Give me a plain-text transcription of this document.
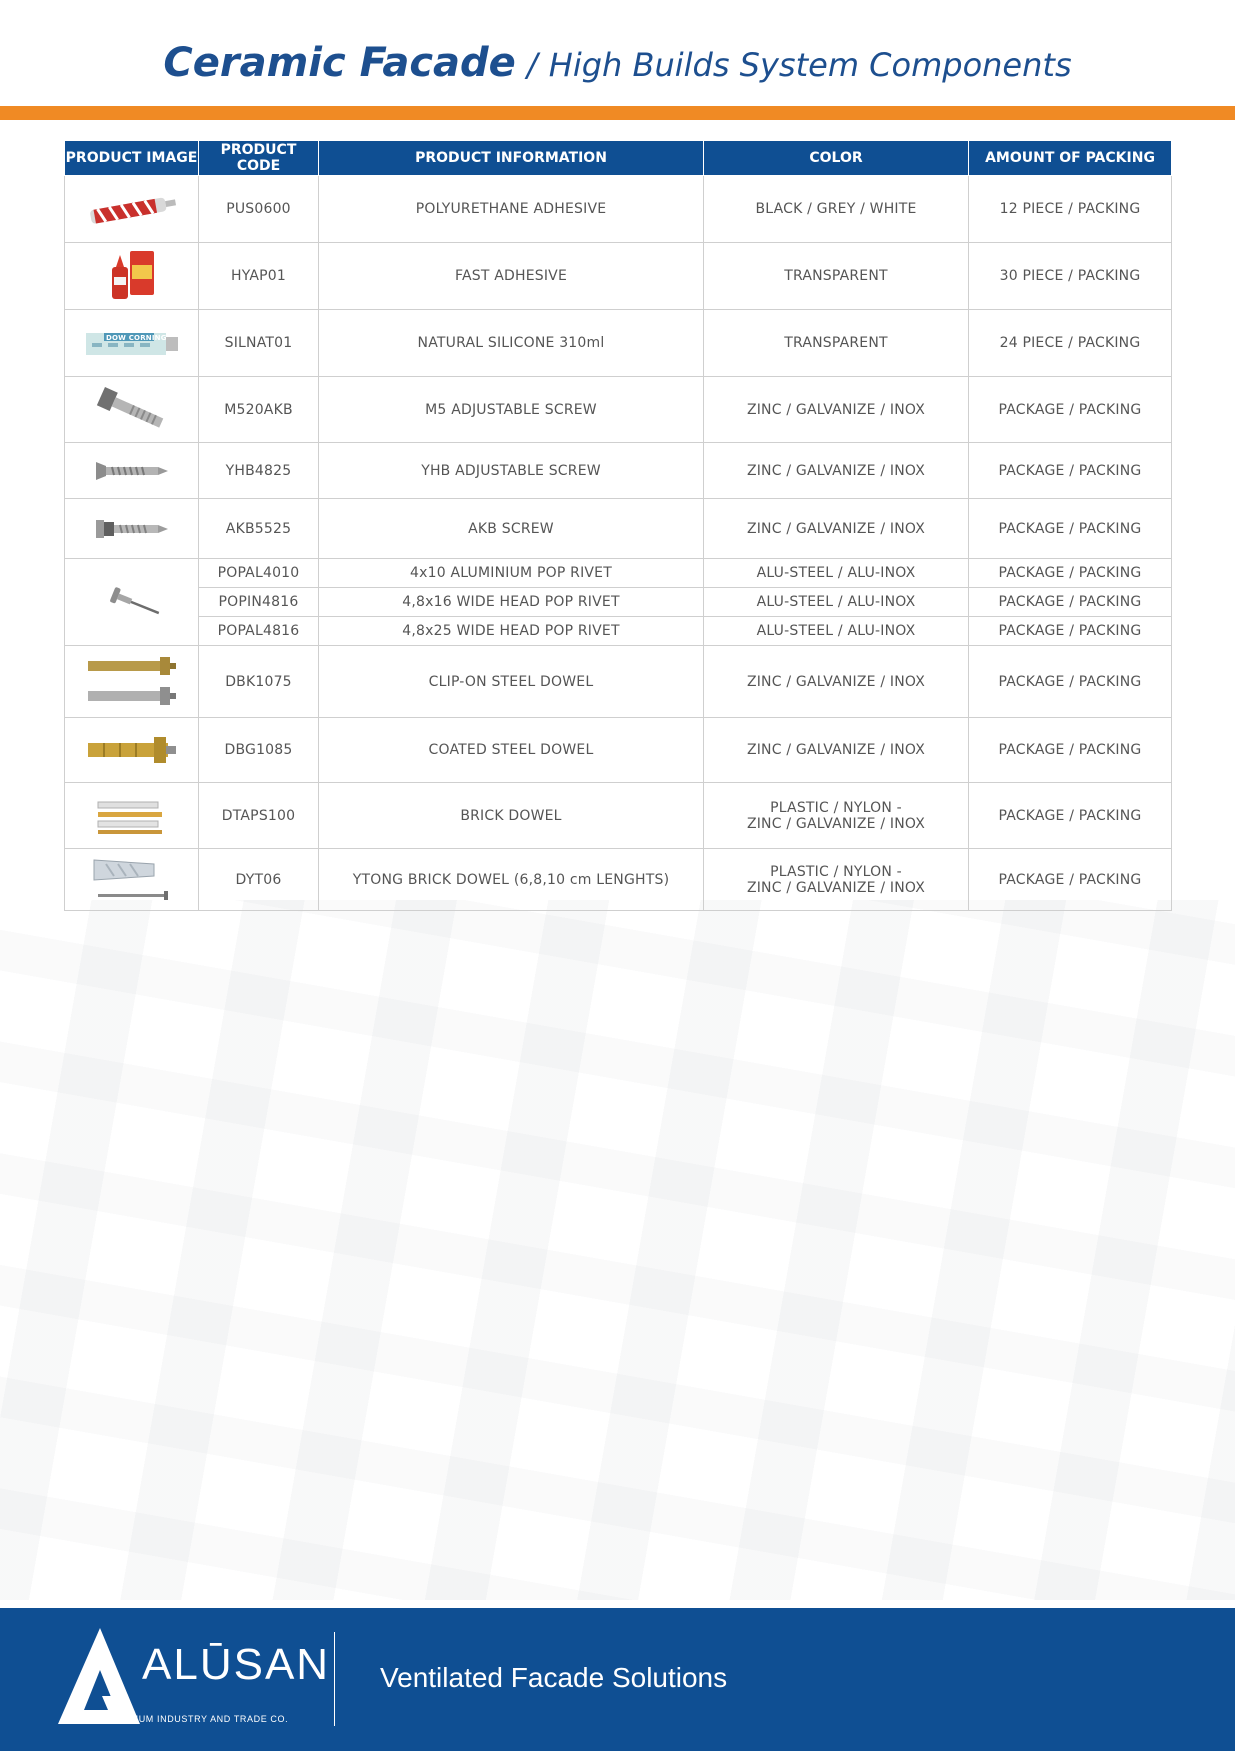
Ceramic Facade / High Builds System Components
PRODUCT IMAGE	PRODUCT CODE	PRODUCT INFORMATION	COLOR	AMOUNT OF PACKING

	PUS0600	POLYURETHANE ADHESIVE	BLACK / GREY / WHITE	12 PIECE / PACKING

	HYAP01	FAST ADHESIVE	TRANSPARENT	30 PIECE / PACKING

DOW CORNING	SILNAT01	NATURAL SILICONE 310ml	TRANSPARENT	24 PIECE / PACKING

	M520AKB	M5 ADJUSTABLE SCREW	ZINC / GALVANIZE / INOX	PACKAGE / PACKING

	YHB4825	YHB ADJUSTABLE SCREW	ZINC / GALVANIZE / INOX	PACKAGE / PACKING

	AKB5525	AKB SCREW	ZINC / GALVANIZE / INOX	PACKAGE / PACKING

	POPAL4010	4x10 ALUMINIUM POP RIVET	ALU-STEEL / ALU-INOX	PACKAGE / PACKING
	POPIN4816	4,8x16 WIDE HEAD POP RIVET	ALU-STEEL / ALU-INOX	PACKAGE / PACKING
	POPAL4816	4,8x25 WIDE HEAD POP RIVET	ALU-STEEL / ALU-INOX	PACKAGE / PACKING

	DBK1075	CLIP-ON STEEL DOWEL	ZINC / GALVANIZE / INOX	PACKAGE / PACKING

	DBG1085	COATED STEEL DOWEL	ZINC / GALVANIZE / INOX	PACKAGE / PACKING

	DTAPS100	BRICK DOWEL	PLASTIC / NYLON -
ZINC / GALVANIZE / INOX	PACKAGE / PACKING

	DYT06	YTONG BRICK DOWEL (6,8,10 cm LENGHTS)	PLASTIC / NYLON -
ZINC / GALVANIZE / INOX	PACKAGE / PACKING
ALŪSAN
ALUMINIUM INDUSTRY AND TRADE CO.
Ventilated Facade Solutions
